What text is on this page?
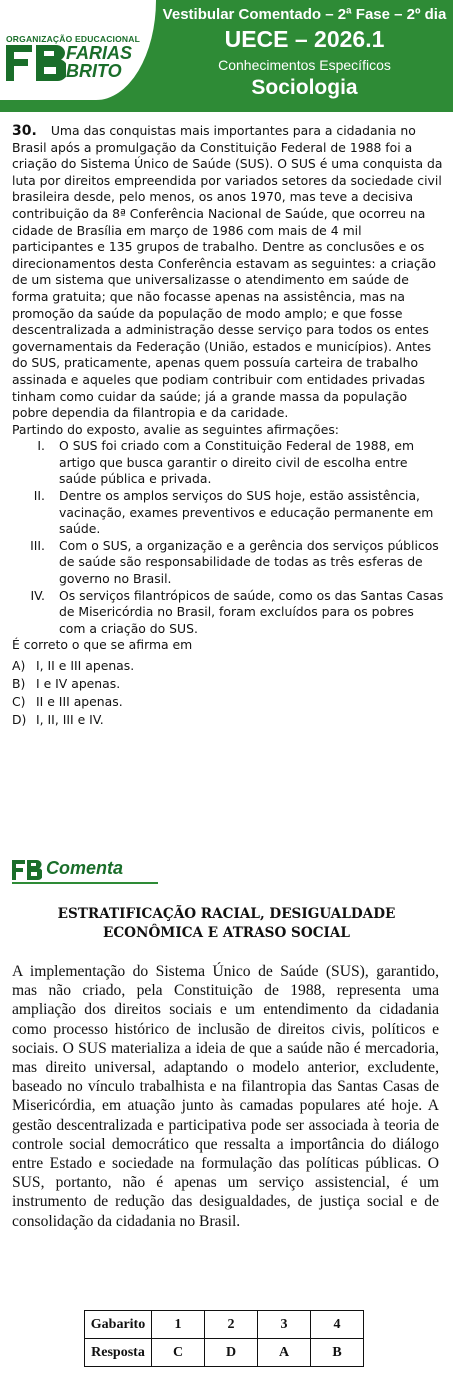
ORGANIZAÇÃO EDUCACIONAL
FARIAS
BRITO
Vestibular Comentado – 2ª Fase – 2º dia
UECE – 2026.1
Conhecimentos Específicos
Sociologia

30. Uma das conquistas mais importantes para a cidadania no Brasil após a promulgação da Constituição Federal de 1988 foi a criação do Sistema Único de Saúde (SUS). O SUS é uma conquista da luta por direitos empreendida por variados setores da sociedade civil brasileira desde, pelo menos, os anos 1970, mas teve a decisiva contribuição da 8ª Conferência Nacional de Saúde, que ocorreu na cidade de Brasília em março de 1986 com mais de 4 mil participantes e 135 grupos de trabalho. Dentre as conclusões e os direcionamentos desta Conferência estavam as seguintes: a criação de um sistema que universalizasse o atendimento em saúde de forma gratuita; que não focasse apenas na assistência, mas na promoção da saúde da população de modo amplo; e que fosse descentralizada a administração desse serviço para todos os entes governamentais da Federação (União, estados e municípios). Antes do SUS, praticamente, apenas quem possuía carteira de trabalho assinada e aqueles que podiam contribuir com entidades privadas tinham como cuidar da saúde; já a grande massa da população pobre dependia da filantropia e da caridade.

Partindo do exposto, avalie as seguintes afirmações:

I.	O SUS foi criado com a Constituição Federal de 1988, em artigo que busca garantir o direito civil de escolha entre saúde pública e privada.
II.	Dentre os amplos serviços do SUS hoje, estão assistência, vacinação, exames preventivos e educação permanente em saúde.
III.	Com o SUS, a organização e a gerência dos serviços públicos de saúde são responsabilidade de todas as três esferas de governo no Brasil.
IV.	Os serviços filantrópicos de saúde, como os das Santas Casas de Misericórdia no Brasil, foram excluídos para os pobres com a criação do SUS.

É correto o que se afirma em

A) I, II e III apenas.
B) I e IV apenas.
C) II e III apenas.
D) I, II, III e IV.
Comenta
ESTRATIFICAÇÃO RACIAL, DESIGUALDADE
ECONÔMICA E ATRASO SOCIAL
A implementação do Sistema Único de Saúde (SUS), garantido, mas não criado, pela Constituição de 1988, representa uma ampliação dos direitos sociais e um entendimento da cidadania como processo histórico de inclusão de direitos civis, políticos e sociais. O SUS materializa a ideia de que a saúde não é mercadoria, mas direito universal, adaptando o modelo anterior, excludente, baseado no vínculo trabalhista e na filantropia das Santas Casas de Misericórdia, em atuação junto às camadas populares até hoje. A gestão descentralizada e participativa pode ser associada à teoria de controle social democrático que ressalta a importância do diálogo entre Estado e sociedade na formulação das políticas públicas. O SUS, portanto, não é apenas um serviço assistencial, é um instrumento de redução das desigualdades, de justiça social e de consolidação da cidadania no Brasil.
Gabarito	1	2	3	4
Resposta	C	D	A	B
